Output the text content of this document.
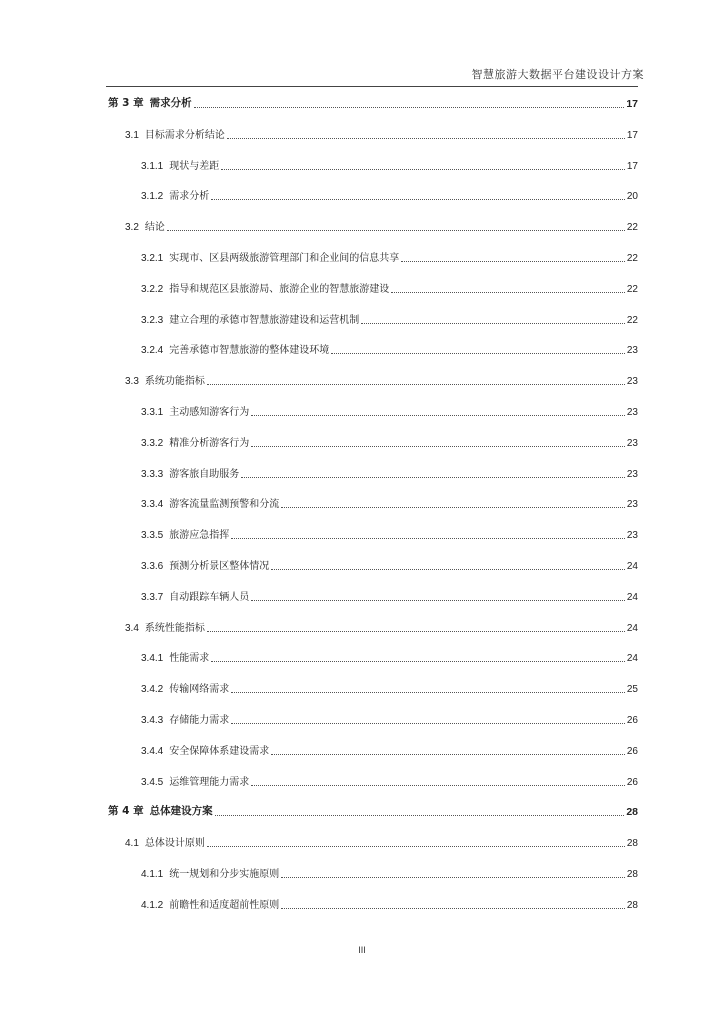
智慧旅游大数据平台建设设计方案
第 3 章 需求分析	17
3.1 目标需求分析结论	17
3.1.1 现状与差距	17
3.1.2 需求分析	20
3.2 结论	22
3.2.1 实现市、区县两级旅游管理部门和企业间的信息共享	22
3.2.2 指导和规范区县旅游局、旅游企业的智慧旅游建设	22
3.2.3 建立合理的承德市智慧旅游建设和运营机制	22
3.2.4 完善承德市智慧旅游的整体建设环境	23
3.3 系统功能指标	23
3.3.1 主动感知游客行为	23
3.3.2 精准分析游客行为	23
3.3.3 游客旅自助服务	23
3.3.4 游客流量监测预警和分流	23
3.3.5 旅游应急指挥	23
3.3.6 预测分析景区整体情况	24
3.3.7 自动跟踪车辆人员	24
3.4 系统性能指标	24
3.4.1 性能需求	24
3.4.2 传输网络需求	25
3.4.3 存储能力需求	26
3.4.4 安全保障体系建设需求	26
3.4.5 运维管理能力需求	26
第 4 章 总体建设方案	28
4.1 总体设计原则	28
4.1.1 统一规划和分步实施原则	28
4.1.2 前瞻性和适度超前性原则	28
III
